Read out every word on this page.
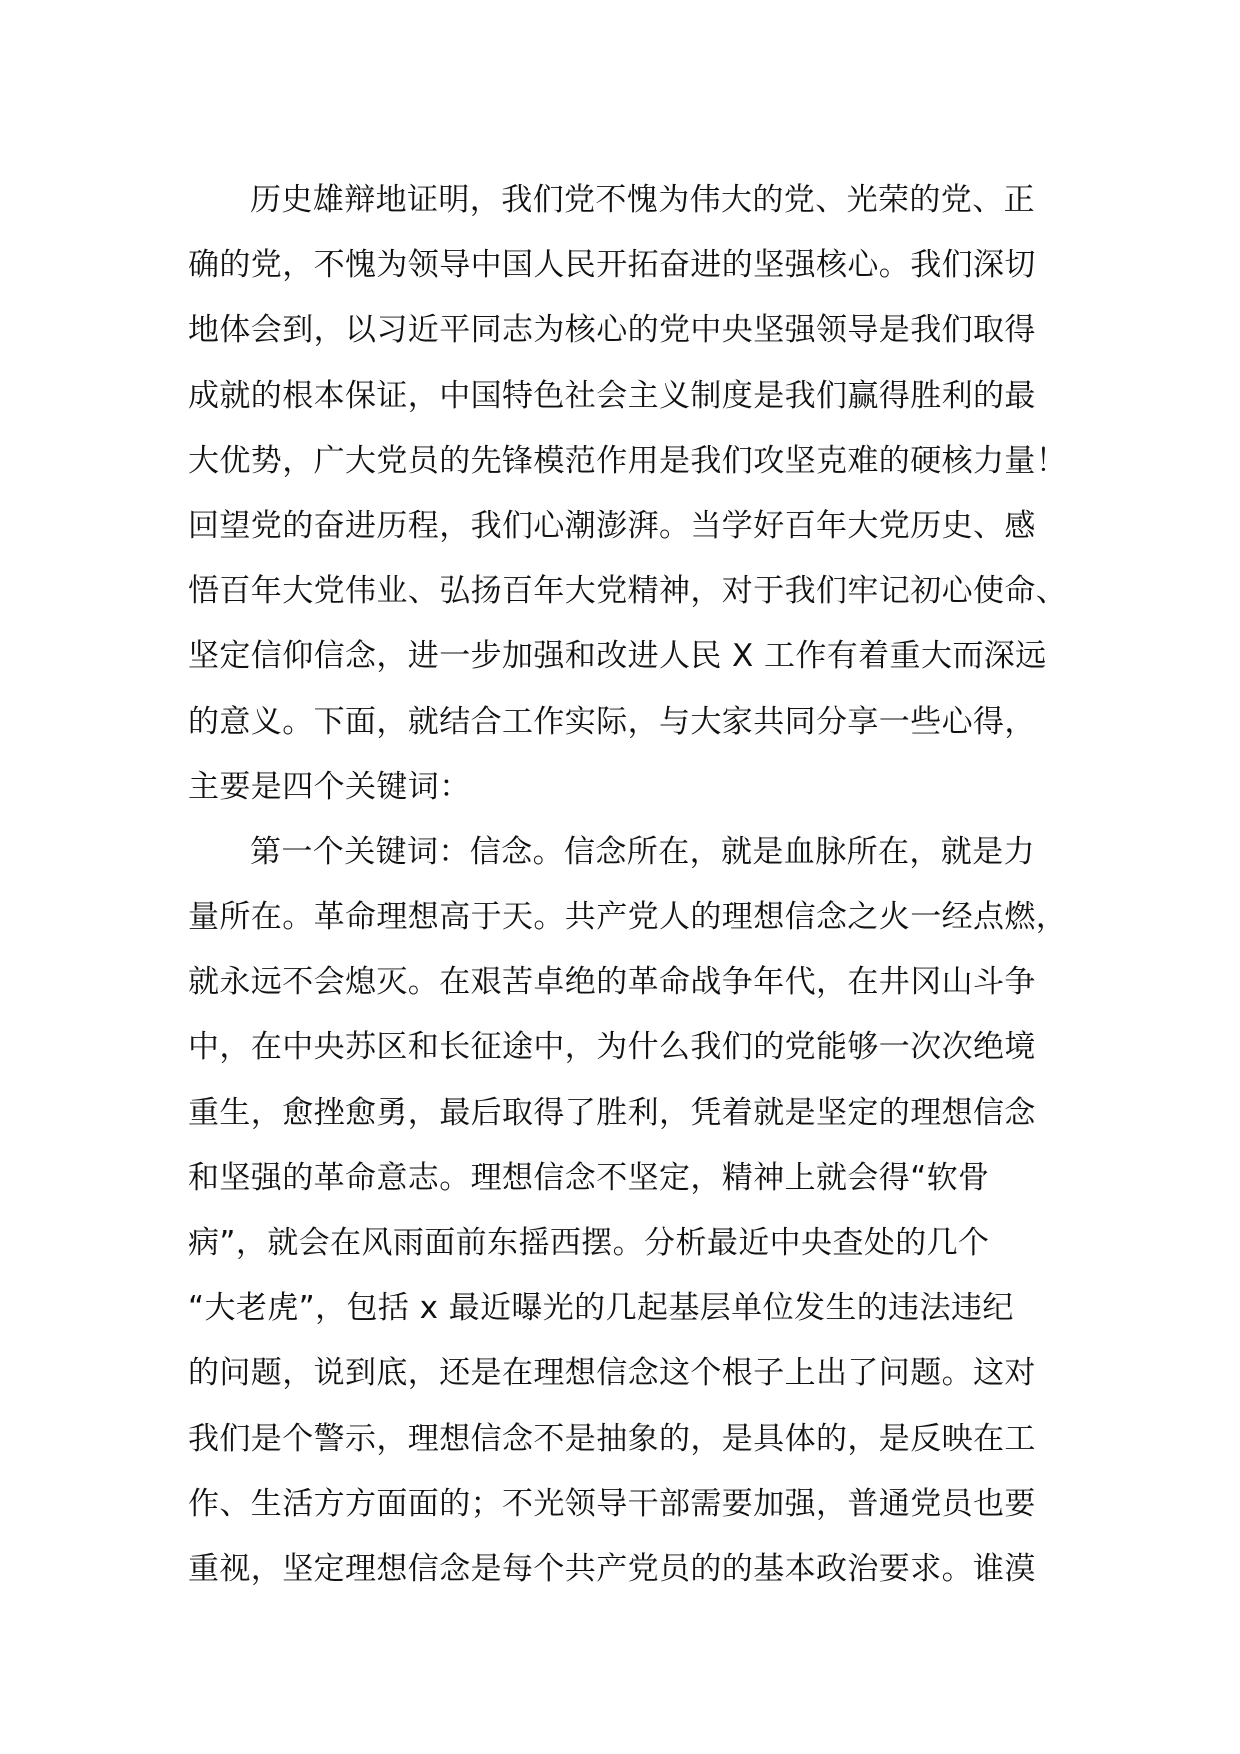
历史雄辩地证明，我们党不愧为伟大的党、光荣的党、正
确的党，不愧为领导中国人民开拓奋进的坚强核心。我们深切
地体会到，以习近平同志为核心的党中央坚强领导是我们取得
成就的根本保证，中国特色社会主义制度是我们赢得胜利的最
大优势，广大党员的先锋模范作用是我们攻坚克难的硬核力量！
回望党的奋进历程，我们心潮澎湃。当学好百年大党历史、感
悟百年大党伟业、弘扬百年大党精神，对于我们牢记初心使命、
坚定信仰信念，进一步加强和改进人民 X 工作有着重大而深远
的意义。下面，就结合工作实际，与大家共同分享一些心得，
主要是四个关键词：
第一个关键词：信念。信念所在，就是血脉所在，就是力
量所在。革命理想高于天。共产党人的理想信念之火一经点燃，
就永远不会熄灭。在艰苦卓绝的革命战争年代，在井冈山斗争
中，在中央苏区和长征途中，为什么我们的党能够一次次绝境
重生，愈挫愈勇，最后取得了胜利，凭着就是坚定的理想信念
和坚强的革命意志。理想信念不坚定，精神上就会得“软骨
病”，就会在风雨面前东摇西摆。分析最近中央查处的几个
“大老虎”，包括 x 最近曝光的几起基层单位发生的违法违纪
的问题，说到底，还是在理想信念这个根子上出了问题。这对
我们是个警示，理想信念不是抽象的，是具体的，是反映在工
作、生活方方面面的；不光领导干部需要加强，普通党员也要
重视，坚定理想信念是每个共产党员的的基本政治要求。谁漠
